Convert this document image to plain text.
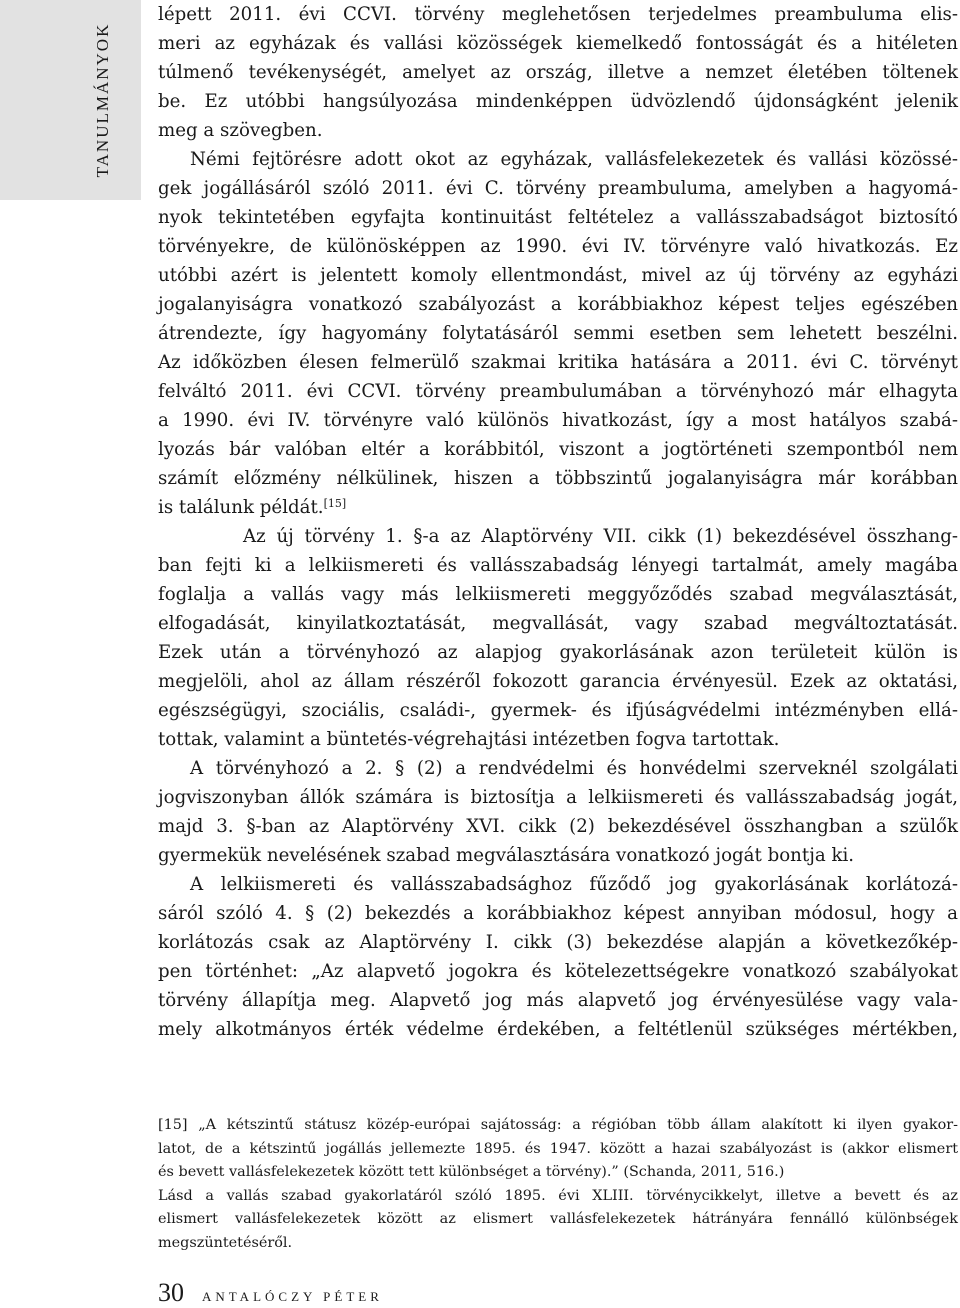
TANULMÁNYOK
lépett 2011. évi CCVI. törvény meglehetősen terjedelmes preambuluma elis-
meri az egyházak és vallási közösségek kiemelkedő fontosságát és a hitéleten
túlmenő tevékenységét, amelyet az ország, illetve a nemzet életében töltenek
be. Ez utóbbi hangsúlyozása mindenképpen üdvözlendő újdonságként jelenik
meg a szövegben.
Némi fejtörésre adott okot az egyházak, vallásfelekezetek és vallási közössé-
gek jogállásáról szóló 2011. évi C. törvény preambuluma, amelyben a hagyomá-
nyok tekintetében egyfajta kontinuitást feltételez a vallásszabadságot biztosító
törvényekre, de különösképpen az 1990. évi IV. törvényre való hivatkozás. Ez
utóbbi azért is jelentett komoly ellentmondást, mivel az új törvény az egyházi
jogalanyiságra vonatkozó szabályozást a korábbiakhoz képest teljes egészében
átrendezte, így hagyomány folytatásáról semmi esetben sem lehetett beszélni.
Az időközben élesen felmerülő szakmai kritika hatására a 2011. évi C. törvényt
felváltó 2011. évi CCVI. törvény preambulumában a törvényhozó már elhagyta
a 1990. évi IV. törvényre való különös hivatkozást, így a most hatályos szabá-
lyozás bár valóban eltér a korábbitól, viszont a jogtörténeti szempontból nem
számít előzmény nélkülinek, hiszen a többszintű jogalanyiságra már korábban
is találunk példát.[15]
Az új törvény 1. §-a az Alaptörvény VII. cikk (1) bekezdésével összhang-
ban fejti ki a lelkiismereti és vallásszabadság lényegi tartalmát, amely magába
foglalja a vallás vagy más lelkiismereti meggyőződés szabad megválasztását,
elfogadását, kinyilatkoztatását, megvallását, vagy szabad megváltoztatását.
Ezek után a törvényhozó az alapjog gyakorlásának azon területeit külön is
megjelöli, ahol az állam részéről fokozott garancia érvényesül. Ezek az oktatási,
egészségügyi, szociális, családi-, gyermek- és ifjúságvédelmi intézményben ellá-
tottak, valamint a büntetés-végrehajtási intézetben fogva tartottak.
A törvényhozó a 2. § (2) a rendvédelmi és honvédelmi szerveknél szolgálati
jogviszonyban állók számára is biztosítja a lelkiismereti és vallásszabadság jogát,
majd 3. §-ban az Alaptörvény XVI. cikk (2) bekezdésével összhangban a szülők
gyermekük nevelésének szabad megválasztására vonatkozó jogát bontja ki.
A lelkiismereti és vallásszabadsághoz fűződő jog gyakorlásának korlátozá-
sáról szóló 4. § (2) bekezdés a korábbiakhoz képest annyiban módosul, hogy a
korlátozás csak az Alaptörvény I. cikk (3) bekezdése alapján a következőkép-
pen történhet: „Az alapvető jogokra és kötelezettségekre vonatkozó szabályokat
törvény állapítja meg. Alapvető jog más alapvető jog érvényesülése vagy vala-
mely alkotmányos érték védelme érdekében, a feltétlenül szükséges mértékben,
[15] „A kétszintű státusz közép-európai sajátosság: a régióban több állam alakított ki ilyen gyakor-
latot, de a kétszintű jogállás jellemezte 1895. és 1947. között a hazai szabályozást is (akkor elismert
és bevett vallásfelekezetek között tett különbséget a törvény).” (Schanda, 2011, 516.)
Lásd a vallás szabad gyakorlatáról szóló 1895. évi XLIII. törvénycikkelyt, illetve a bevett és az
elismert vallásfelekezetek között az elismert vallásfelekezetek hátrányára fennálló különbségek
megszüntetéséről.
30 ANTALÓCZY PÉTER
